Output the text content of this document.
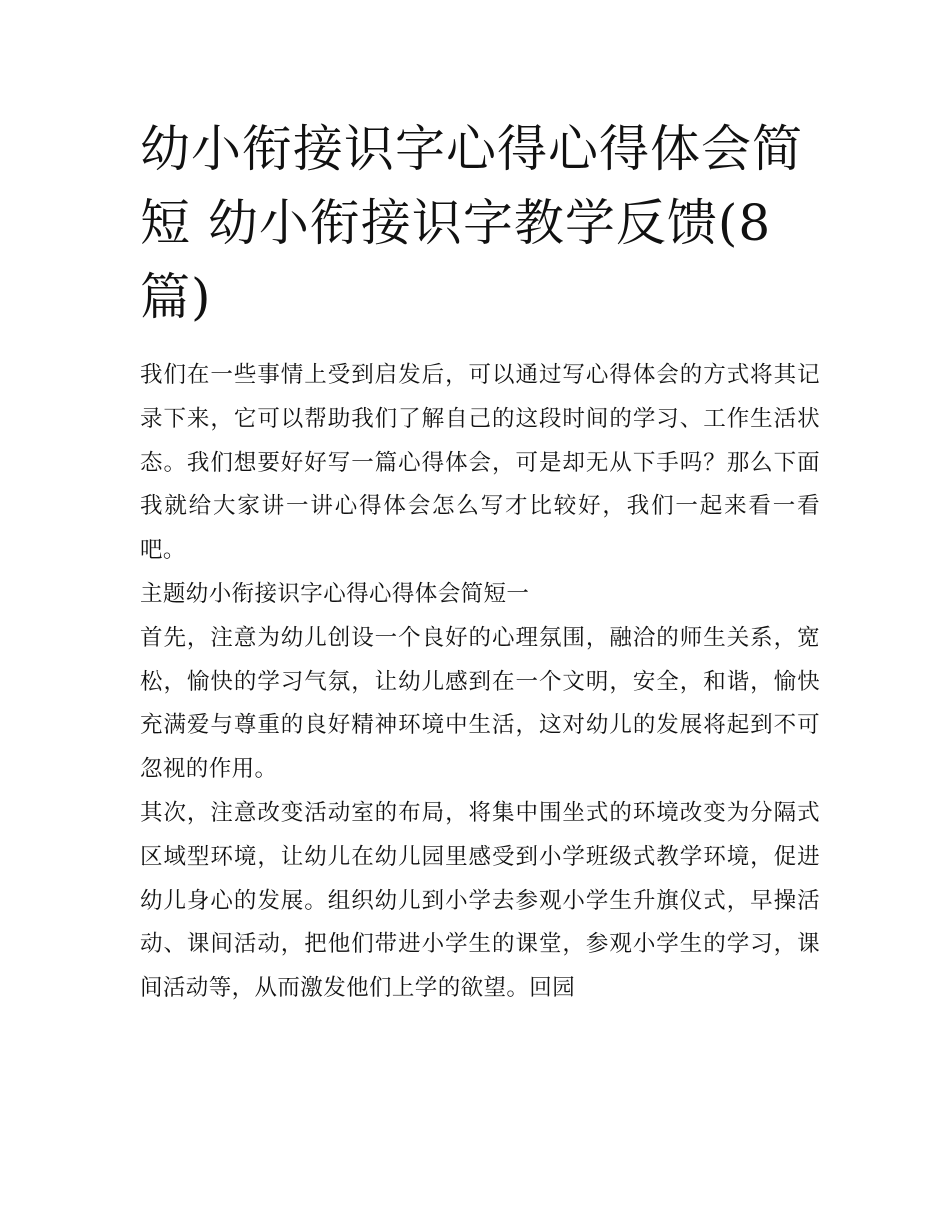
幼小衔接识字心得心得体会简短 幼小衔接识字教学反馈(8篇)

我们在一些事情上受到启发后，可以通过写心得体会的方式将其记录下来，它可以帮助我们了解自己的这段时间的学习、工作生活状态。我们想要好好写一篇心得体会，可是却无从下手吗？那么下面我就给大家讲一讲心得体会怎么写才比较好，我们一起来看一看吧。

主题幼小衔接识字心得心得体会简短一

首先，注意为幼儿创设一个良好的心理氛围，融洽的师生关系，宽松，愉快的学习气氛，让幼儿感到在一个文明，安全，和谐，愉快充满爱与尊重的良好精神环境中生活，这对幼儿的发展将起到不可忽视的作用。

其次，注意改变活动室的布局，将集中围坐式的环境改变为分隔式区域型环境，让幼儿在幼儿园里感受到小学班级式教学环境，促进幼儿身心的发展。组织幼儿到小学去参观小学生升旗仪式，早操活动、课间活动，把他们带进小学生的课堂，参观小学生的学习，课间活动等，从而激发他们上学的欲望。回园
